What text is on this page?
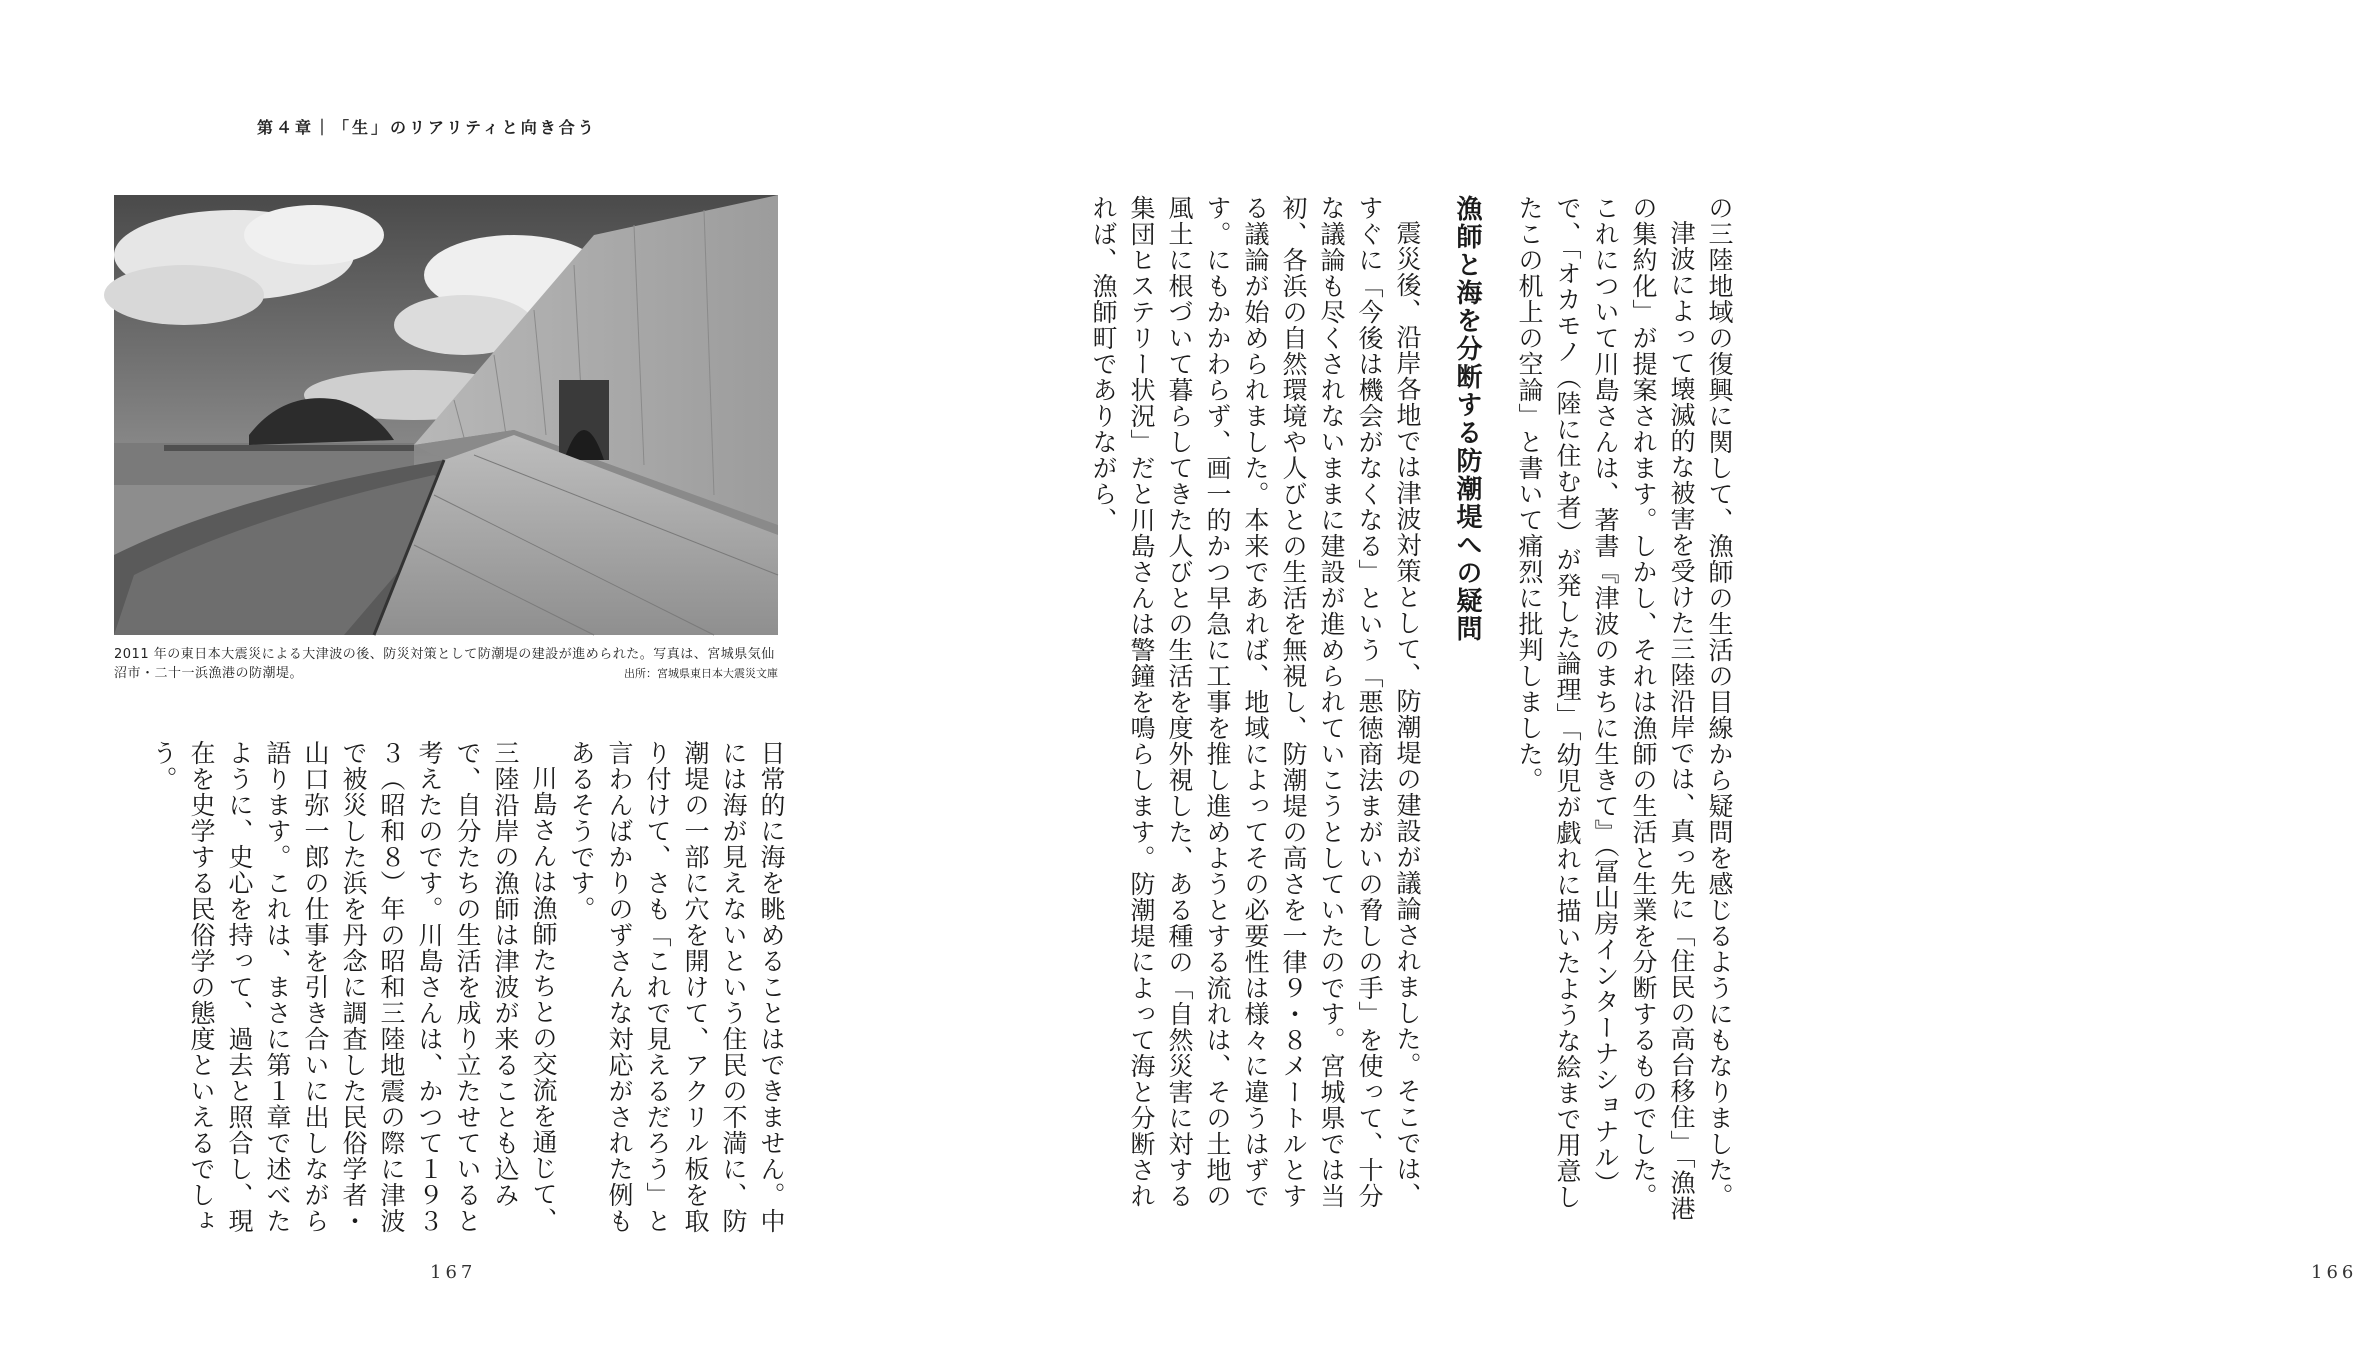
第４章｜「生」のリアリティと向き合う
2011 年の東日本大震災による大津波の後、防災対策として防潮堤の建設が進められた。写真は、宮城県気仙沼市・二十一浜漁港の防潮堤。	出所：宮城県東日本大震災文庫

日常的に海を眺めることはできません。中には海が見えないという住民の不満に、防潮堤の一部に穴を開けて、アクリル板を取り付けて、さも「これで見えるだろう」と言わんばかりのずさんな対応がされた例もあるそうです。

川島さんは漁師たちとの交流を通じて、三陸沿岸の漁師は津波が来ることも込みで、自分たちの生活を成り立たせていると考えたのです。川島さんは、かつて１９３３（昭和８）年の昭和三陸地震の際に津波で被災した浜を丹念に調査した民俗学者・山口弥一郎の仕事を引き合いに出しながら語ります。これは、まさに第１章で述べたように、史心を持って、過去と照合し、現在を史学する民俗学の態度といえるでしょう。

167

の三陸地域の復興に関して、漁師の生活の目線から疑問を感じるようにもなりました。

津波によって壊滅的な被害を受けた三陸沿岸では、真っ先に「住民の高台移住」「漁港の集約化」が提案されます。しかし、それは漁師の生活と生業を分断するものでした。これについて川島さんは、著書『津波のまちに生きて』（冨山房インターナショナル）で、「オカモノ（陸に住む者）が発した論理」「幼児が戯れに描いたような絵まで用意したこの机上の空論」と書いて痛烈に批判しました。

漁師と海を分断する防潮堤への疑問

震災後、沿岸各地では津波対策として、防潮堤の建設が議論されました。そこでは、すぐに「今後は機会がなくなる」という「悪徳商法まがいの脅しの手」を使って、十分な議論も尽くされないままに建設が進められていこうとしていたのです。宮城県では当初、各浜の自然環境や人びとの生活を無視し、防潮堤の高さを一律９・８メートルとする議論が始められました。本来であれば、地域によってその必要性は様々に違うはずです。にもかかわらず、画一的かつ早急に工事を推し進めようとする流れは、その土地の風土に根づいて暮らしてきた人びとの生活を度外視した、ある種の「自然災害に対する集団ヒステリー状況」だと川島さんは警鐘を鳴らします。防潮堤によって海と分断されれば、漁師町でありながら、

166
